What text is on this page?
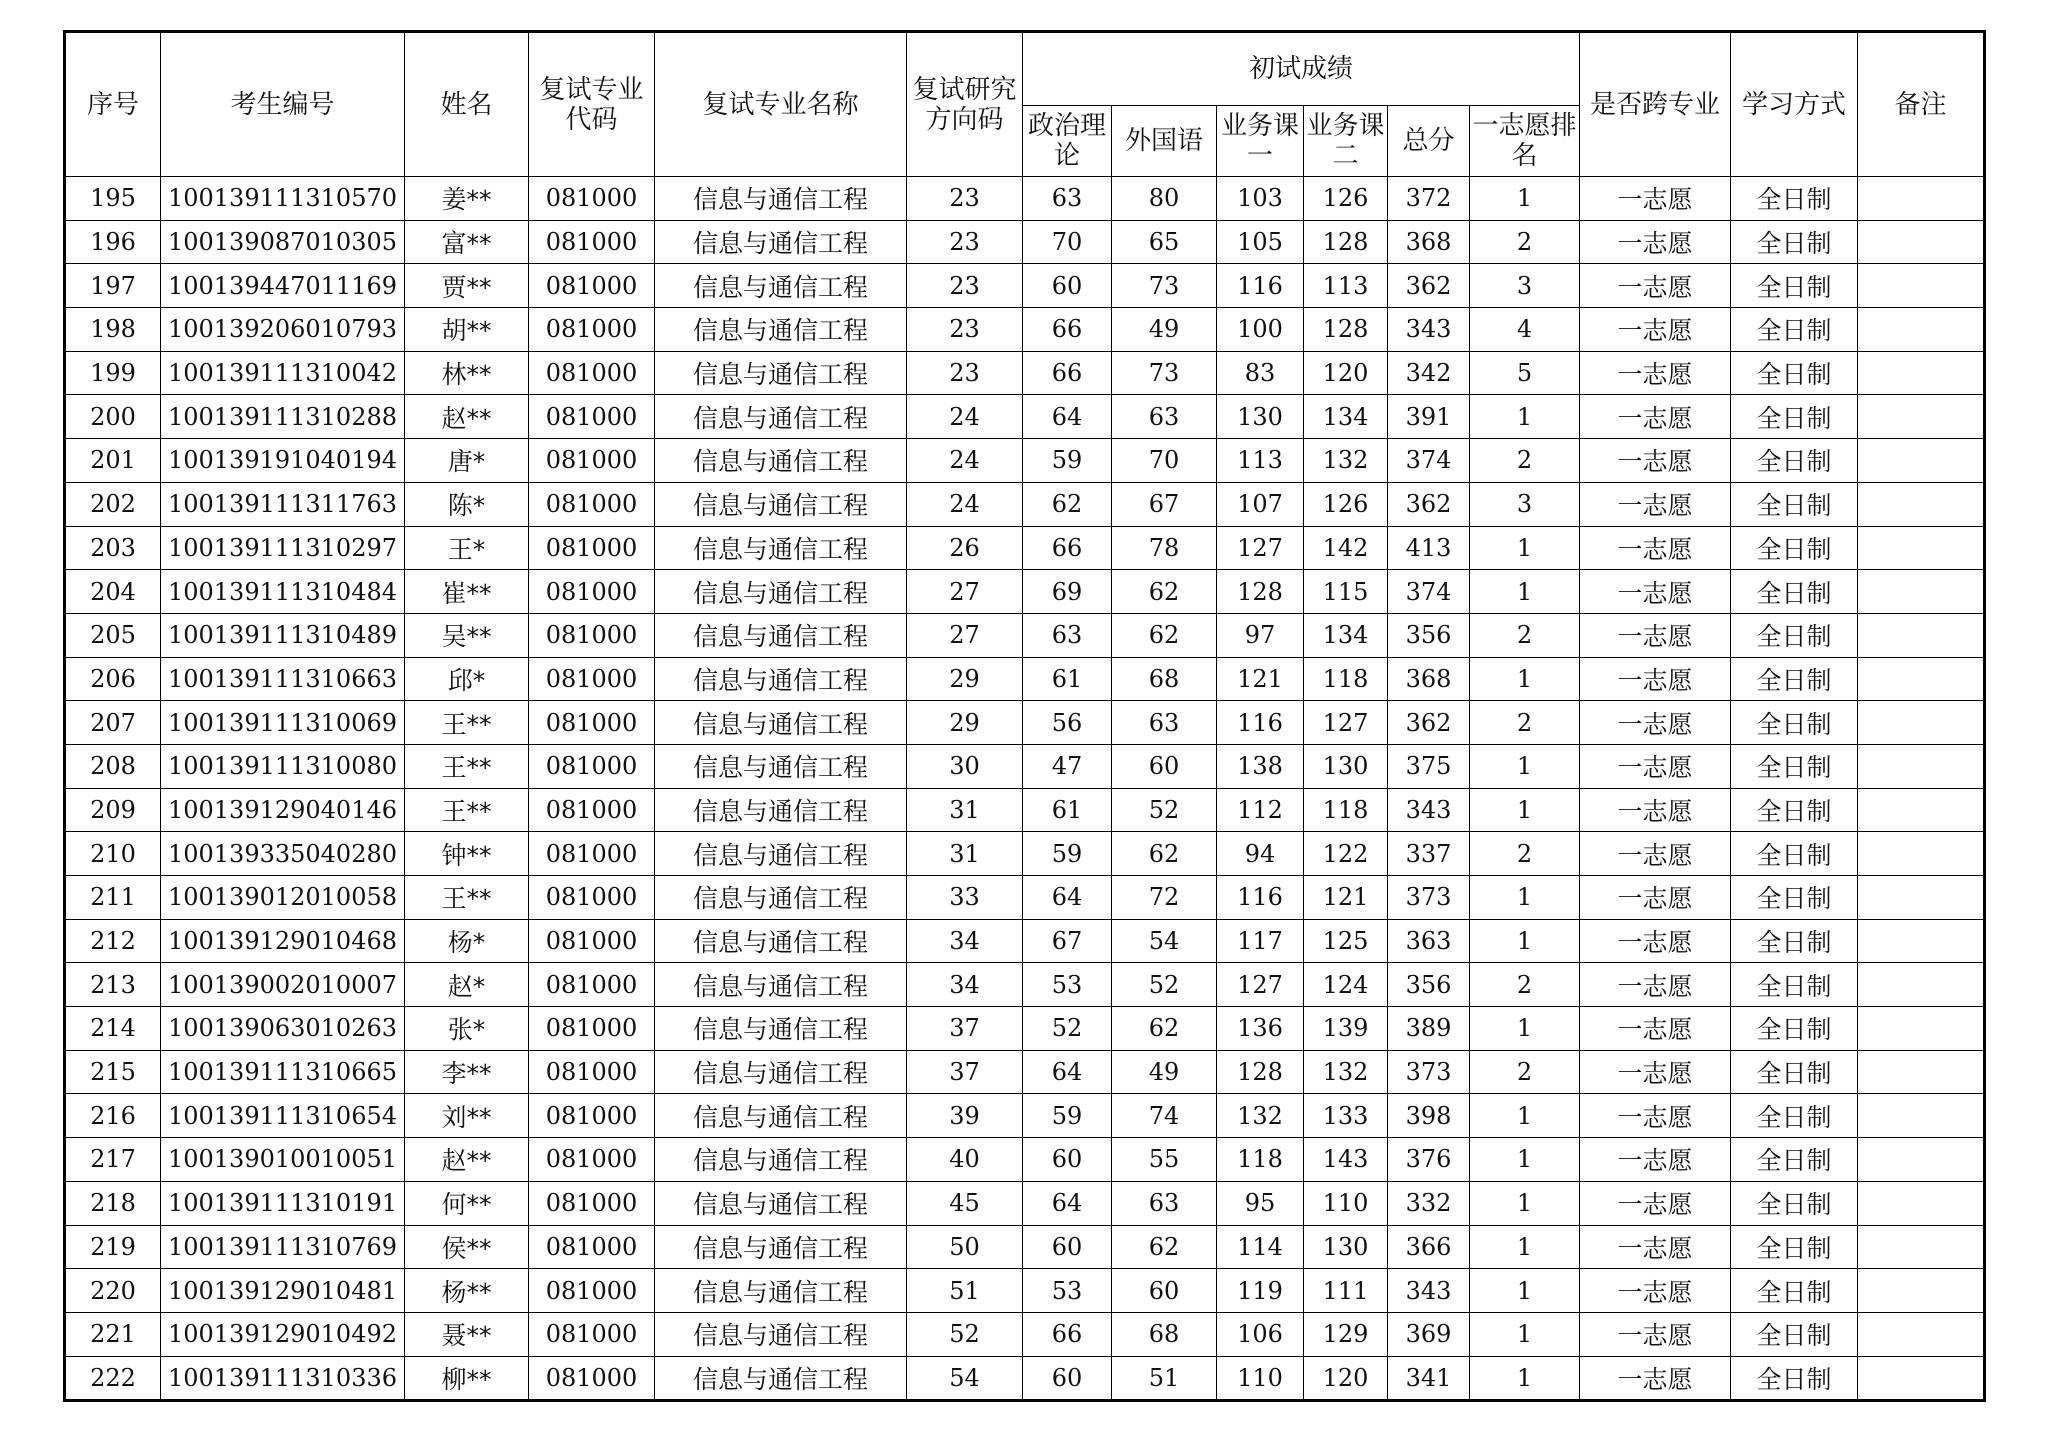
序号	考生编号	姓名	复试专业代码	复试专业名称	复试研究方向码	初试成绩						是否跨专业	学习方式	备注
						政治理论	外国语	业务课一	业务课二	总分	一志愿排名			
195	100139111310570	姜**	081000	信息与通信工程	23	63	80	103	126	372	1	一志愿	全日制	
196	100139087010305	富**	081000	信息与通信工程	23	70	65	105	128	368	2	一志愿	全日制	
197	100139447011169	贾**	081000	信息与通信工程	23	60	73	116	113	362	3	一志愿	全日制	
198	100139206010793	胡**	081000	信息与通信工程	23	66	49	100	128	343	4	一志愿	全日制	
199	100139111310042	林**	081000	信息与通信工程	23	66	73	83	120	342	5	一志愿	全日制	
200	100139111310288	赵**	081000	信息与通信工程	24	64	63	130	134	391	1	一志愿	全日制	
201	100139191040194	唐*	081000	信息与通信工程	24	59	70	113	132	374	2	一志愿	全日制	
202	100139111311763	陈*	081000	信息与通信工程	24	62	67	107	126	362	3	一志愿	全日制	
203	100139111310297	王*	081000	信息与通信工程	26	66	78	127	142	413	1	一志愿	全日制	
204	100139111310484	崔**	081000	信息与通信工程	27	69	62	128	115	374	1	一志愿	全日制	
205	100139111310489	吴**	081000	信息与通信工程	27	63	62	97	134	356	2	一志愿	全日制	
206	100139111310663	邱*	081000	信息与通信工程	29	61	68	121	118	368	1	一志愿	全日制	
207	100139111310069	王**	081000	信息与通信工程	29	56	63	116	127	362	2	一志愿	全日制	
208	100139111310080	王**	081000	信息与通信工程	30	47	60	138	130	375	1	一志愿	全日制	
209	100139129040146	王**	081000	信息与通信工程	31	61	52	112	118	343	1	一志愿	全日制	
210	100139335040280	钟**	081000	信息与通信工程	31	59	62	94	122	337	2	一志愿	全日制	
211	100139012010058	王**	081000	信息与通信工程	33	64	72	116	121	373	1	一志愿	全日制	
212	100139129010468	杨*	081000	信息与通信工程	34	67	54	117	125	363	1	一志愿	全日制	
213	100139002010007	赵*	081000	信息与通信工程	34	53	52	127	124	356	2	一志愿	全日制	
214	100139063010263	张*	081000	信息与通信工程	37	52	62	136	139	389	1	一志愿	全日制	
215	100139111310665	李**	081000	信息与通信工程	37	64	49	128	132	373	2	一志愿	全日制	
216	100139111310654	刘**	081000	信息与通信工程	39	59	74	132	133	398	1	一志愿	全日制	
217	100139010010051	赵**	081000	信息与通信工程	40	60	55	118	143	376	1	一志愿	全日制	
218	100139111310191	何**	081000	信息与通信工程	45	64	63	95	110	332	1	一志愿	全日制	
219	100139111310769	侯**	081000	信息与通信工程	50	60	62	114	130	366	1	一志愿	全日制	
220	100139129010481	杨**	081000	信息与通信工程	51	53	60	119	111	343	1	一志愿	全日制	
221	100139129010492	聂**	081000	信息与通信工程	52	66	68	106	129	369	1	一志愿	全日制	
222	100139111310336	柳**	081000	信息与通信工程	54	60	51	110	120	341	1	一志愿	全日制	
